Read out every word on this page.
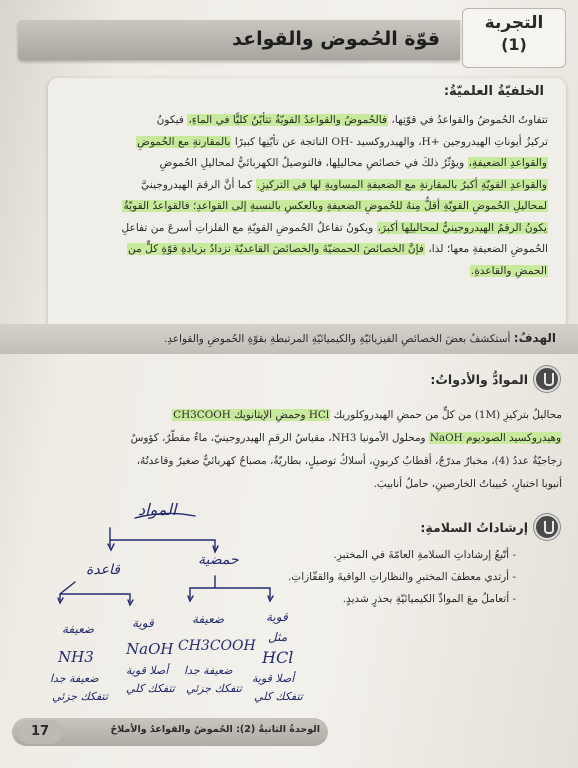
قوّة الحُموض والقواعد
التجربة
(1)
الخلفيّةُ العلميّةُ:
تتفاوتُ الحُموضُ والقواعدُ في قوّتِها، فالحُموضُ والقواعدُ القويّةُ تتأيّنُ كليًّا في الماءِ، فيكونُ
تركيزُ أيوناتِ الهيدروجين +H، والهيدروكسيد -OH الناتجة عن تأيّنِها كبيرًا بالمقارنةِ مع الحُموضِ
والقواعدِ الضعيفةِ، ويؤثّرُ ذلكَ في خصائصِ محاليلِها، فالتوصيلُ الكهربائيُّ لمحاليلِ الحُموضِ
والقواعدِ القويّةِ أكبرُ بالمقارنةِ مع الضعيفةِ المساويةِ لها في التركيزِ. كما أنَّ الرقمَ الهيدروجينيَّ
لمحاليلِ الحُموضِ القويّةِ أقلُّ مِنهُ للحُموضِ الضعيفةِ وبالعكسِ بالنسبةِ إلى القواعدِ؛ فالقواعدُ القويّةُ
يكونُ الرقمُ الهيدروجينيُّ لمحاليلِها أكبرَ، ويكونُ تفاعلُ الحُموضِ القويّةِ مع الفلزاتِ أسرعَ من تفاعلِ
الحُموضِ الضعيفةِ معها؛ لذا، فإنَّ الخصائصَ الحمضيّةَ والخصائصَ القاعديّةَ تزدادُ بزيادةِ قوّةِ كلٍّ من
الحمضِ والقاعدةِ.
الهدفُ: أستكشفُ بعضَ الخصائصِ الفيزيائيّةِ والكيميائيّةِ المرتبطةِ بقوّةِ الحُموضِ والقواعدِ.
الموادُّ والأدواتُ:
محاليلُ بتركيزِ (1M) من كلٍّ من حمضِ الهيدروكلوريك HCl وحمضِ الإيثانويك CH3COOH
وهيدروكسيد الصوديوم NaOH ومحلول الأمونيا NH3، مقياسُ الرقمِ الهيدروجينيّ، ماءٌ مقطّرٌ، كؤوسٌ
زجاجيّةٌ عددُ (4)، مخبارٌ مدرّجٌ، أقطابُ كربونٍ، أسلاكُ توصيلٍ، بطاريّةٌ، مصباحٌ كهربائيٌّ صغيرٌ وقاعدتُهُ،
أنبوبا اختبارٍ، حُبيباتُ الخارصينِ، حاملُ أنابيبَ.
إرشاداتُ السلامةِ:
- أتّبعُ إرشاداتِ السلامةِ العامّةَ في المختبرِ.
- أرتدي معطفَ المختبرِ والنظاراتِ الواقيةَ والقفّازاتِ.
- أتعاملُ معَ الموادِّ الكيميائيّةِ بحذرٍ شديدٍ.
المواد
قاعدة
حمضية
ضعيفة	قوية	ضعيفة	قوية
NH3
ضعيفة جدا
تتفكك جزئي
NaOH
أصلا قوية
تتفكك كلي
CH3COOH
ضعيفة جدا
تتفكك جزئي
مثل
HCl
أصلا قوية
تتفكك كلي
17	الوحدةُ الثانيةُ (2): الحُموضُ والقواعدُ والأملاحُ
